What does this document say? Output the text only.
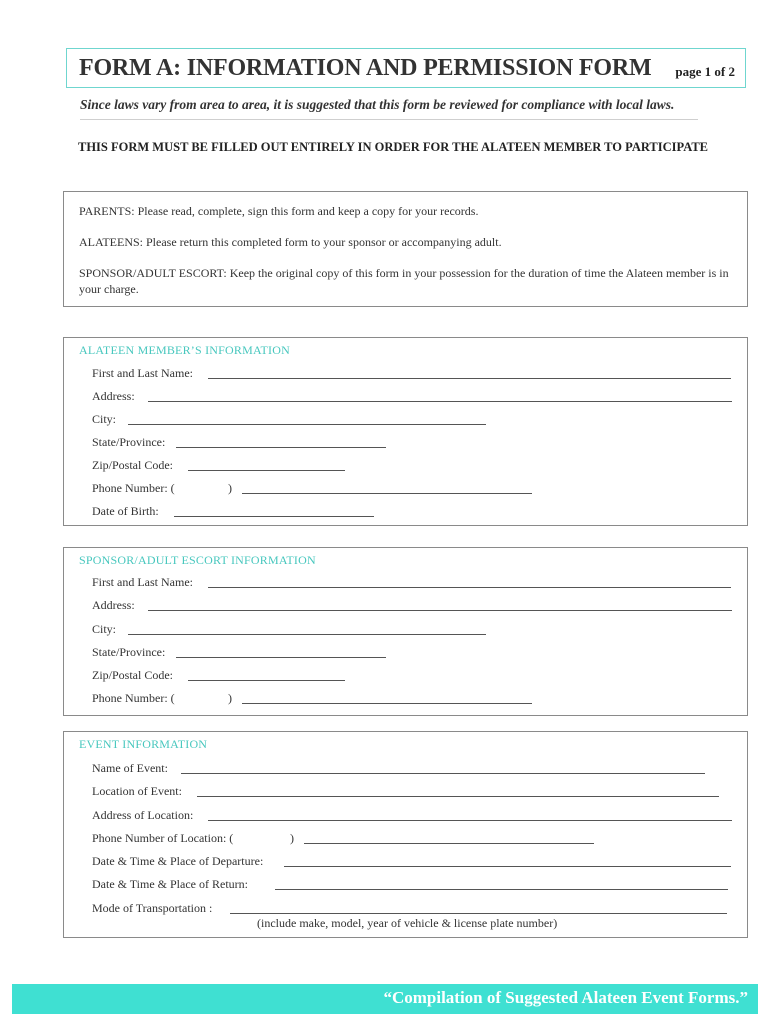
FORM A: INFORMATION AND PERMISSION FORM page 1 of 2
Since laws vary from area to area, it is suggested that this form be reviewed for compliance with local laws.
THIS FORM MUST BE FILLED OUT ENTIRELY IN ORDER FOR THE ALATEEN MEMBER TO PARTICIPATE

PARENTS: Please read, complete, sign this form and keep a copy for your records.

ALATEENS: Please return this completed form to your sponsor or accompanying adult.

SPONSOR/ADULT ESCORT: Keep the original copy of this form in your possession for the duration of time the Alateen member is in your charge.

ALATEEN MEMBER’S INFORMATION
First and Last Name:
Address:
City:
State/Province:
Zip/Postal Code:
Phone Number: (	)
Date of Birth:
SPONSOR/ADULT ESCORT INFORMATION
First and Last Name:
Address:
City:
State/Province:
Zip/Postal Code:
Phone Number: (	)
EVENT INFORMATION
Name of Event:
Location of Event:
Address of Location:
Phone Number of Location: (	)
Date & Time & Place of Departure:
Date & Time & Place of Return:
Mode of Transportation :
(include make, model, year of vehicle & license plate number)
“Compilation of Suggested Alateen Event Forms.”
